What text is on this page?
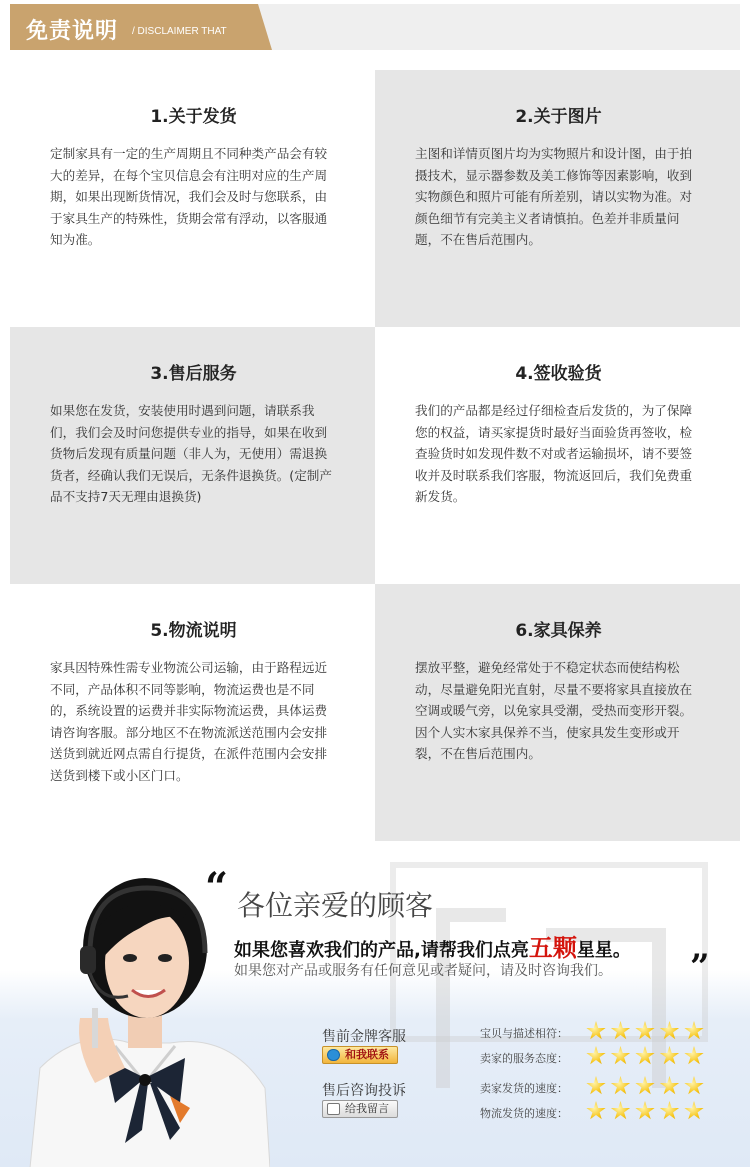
免责说明 / DISCLAIMER THAT
1.关于发货

定制家具有一定的生产周期且不同种类产品会有较大的差异，在每个宝贝信息会有注明对应的生产周期，如果出现断货情况，我们会及时与您联系，由于家具生产的特殊性，货期会常有浮动，以客服通知为准。

2.关于图片

主图和详情页图片均为实物照片和设计图，由于拍摄技术，显示器参数及美工修饰等因素影响，收到实物颜色和照片可能有所差别，请以实物为准。对颜色细节有完美主义者请慎拍。色差并非质量问题，不在售后范围内。

3.售后服务

如果您在发货，安装使用时遇到问题，请联系我们，我们会及时问您提供专业的指导，如果在收到货物后发现有质量问题（非人为，无使用）需退换货者，经确认我们无误后，无条件退换货。(定制产品不支持7天无理由退换货)

4.签收验货

我们的产品都是经过仔细检查后发货的，为了保障您的权益，请买家提货时最好当面验货再签收，检查验货时如发现件数不对或者运输损坏，请不要签收并及时联系我们客服，物流返回后，我们免费重新发货。

5.物流说明

家具因特殊性需专业物流公司运输，由于路程远近不同，产品体积不同等影响，物流运费也是不同的，系统设置的运费并非实际物流运费，具体运费请咨询客服。部分地区不在物流派送范围内会安排送货到就近网点需自行提货，在派件范围内会安排送货到楼下或小区门口。

6.家具保养

摆放平整，避免经常处于不稳定状态而使结构松动，尽量避免阳光直射，尽量不要将家具直接放在空调或暖气旁，以免家具受潮，受热而变形开裂。因个人实木家具保养不当，使家具发生变形或开裂，不在售后范围内。

“ 各位亲爱的顾客
如果您喜欢我们的产品,请帮我们点亮五颗星星。
如果您对产品或服务有任何意见或者疑问，请及时咨询我们。 ”
售前金牌客服
和我联系
售后咨询投诉
给我留言
宝贝与描述相符：
卖家的服务态度：
卖家发货的速度：
物流发货的速度：
